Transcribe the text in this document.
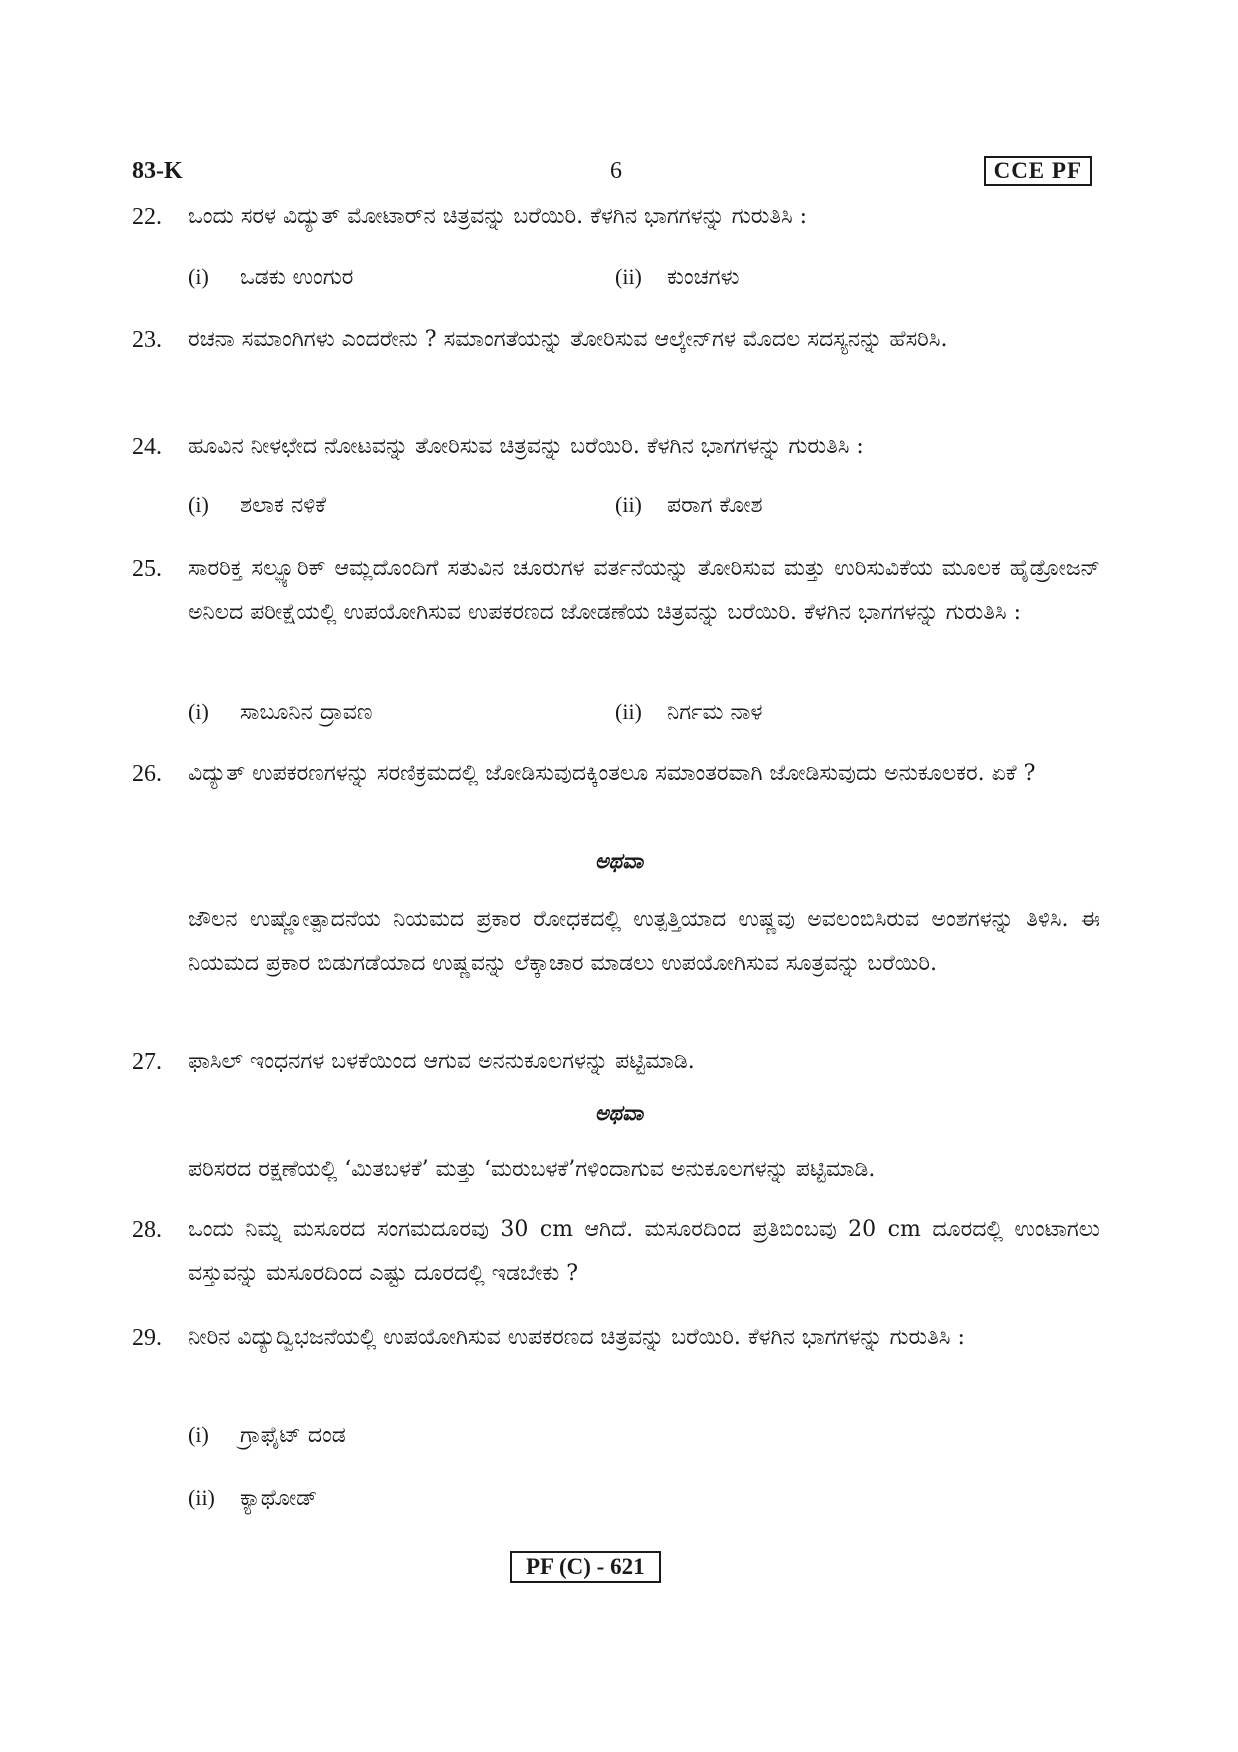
83-K	6	CCE PF
22. ಒಂದು ಸರಳ ವಿದ್ಯುತ್ ಮೋಟಾರ್‌ನ ಚಿತ್ರವನ್ನು ಬರೆಯಿರಿ. ಕೆಳಗಿನ ಭಾಗಗಳನ್ನು ಗುರುತಿಸಿ :
(i) ಒಡಕು ಉಂಗುರ	(ii) ಕುಂಚಗಳು
23. ರಚನಾ ಸಮಾಂಗಿಗಳು ಎಂದರೇನು ? ಸಮಾಂಗತೆಯನ್ನು ತೋರಿಸುವ ಆಲ್ಕೇನ್‌ಗಳ ಮೊದಲ ಸದಸ್ಯನನ್ನು ಹೆಸರಿಸಿ.
24. ಹೂವಿನ ನೀಳಛೇದ ನೋಟವನ್ನು ತೋರಿಸುವ ಚಿತ್ರವನ್ನು ಬರೆಯಿರಿ. ಕೆಳಗಿನ ಭಾಗಗಳನ್ನು ಗುರುತಿಸಿ :
(i) ಶಲಾಕ ನಳಿಕೆ	(ii) ಪರಾಗ ಕೋಶ
25. ಸಾರರಿಕ್ತ ಸಲ್ಫ್ಯೂರಿಕ್ ಆಮ್ಲದೊಂದಿಗೆ ಸತುವಿನ ಚೂರುಗಳ ವರ್ತನೆಯನ್ನು ತೋರಿಸುವ ಮತ್ತು ಉರಿಸುವಿಕೆಯ ಮೂಲಕ ಹೈಡ್ರೋಜನ್ ಅನಿಲದ ಪರೀಕ್ಷೆಯಲ್ಲಿ ಉಪಯೋಗಿಸುವ ಉಪಕರಣದ ಜೋಡಣೆಯ ಚಿತ್ರವನ್ನು ಬರೆಯಿರಿ. ಕೆಳಗಿನ ಭಾಗಗಳನ್ನು ಗುರುತಿಸಿ :
(i) ಸಾಬೂನಿನ ದ್ರಾವಣ	(ii) ನಿರ್ಗಮ ನಾಳ
26. ವಿದ್ಯುತ್ ಉಪಕರಣಗಳನ್ನು ಸರಣಿಕ್ರಮದಲ್ಲಿ ಜೋಡಿಸುವುದಕ್ಕಿಂತಲೂ ಸಮಾಂತರವಾಗಿ ಜೋಡಿಸುವುದು ಅನುಕೂಲಕರ. ಏಕೆ ?
ಅಥವಾ
ಜೌಲನ ಉಷ್ಣೋತ್ಪಾದನೆಯ ನಿಯಮದ ಪ್ರಕಾರ ರೋಧಕದಲ್ಲಿ ಉತ್ಪತ್ತಿಯಾದ ಉಷ್ಣವು ಅವಲಂಬಿಸಿರುವ ಅಂಶಗಳನ್ನು ತಿಳಿಸಿ. ಈ ನಿಯಮದ ಪ್ರಕಾರ ಬಿಡುಗಡೆಯಾದ ಉಷ್ಣವನ್ನು ಲೆಕ್ಕಾಚಾರ ಮಾಡಲು ಉಪಯೋಗಿಸುವ ಸೂತ್ರವನ್ನು ಬರೆಯಿರಿ.
27. ಫಾಸಿಲ್ ಇಂಧನಗಳ ಬಳಕೆಯಿಂದ ಆಗುವ ಅನನುಕೂಲಗಳನ್ನು ಪಟ್ಟಿಮಾಡಿ.
ಅಥವಾ
ಪರಿಸರದ ರಕ್ಷಣೆಯಲ್ಲಿ ‘ಮಿತಬಳಕೆ’ ಮತ್ತು ‘ಮರುಬಳಕೆ’ಗಳಿಂದಾಗುವ ಅನುಕೂಲಗಳನ್ನು ಪಟ್ಟಿಮಾಡಿ.
28. ಒಂದು ನಿಮ್ನ ಮಸೂರದ ಸಂಗಮದೂರವು 30 cm ಆಗಿದೆ. ಮಸೂರದಿಂದ ಪ್ರತಿಬಿಂಬವು 20 cm ದೂರದಲ್ಲಿ ಉಂಟಾಗಲು ವಸ್ತುವನ್ನು ಮಸೂರದಿಂದ ಎಷ್ಟು ದೂರದಲ್ಲಿ ಇಡಬೇಕು ?
29. ನೀರಿನ ವಿದ್ಯುದ್ವಿಭಜನೆಯಲ್ಲಿ ಉಪಯೋಗಿಸುವ ಉಪಕರಣದ ಚಿತ್ರವನ್ನು ಬರೆಯಿರಿ. ಕೆಳಗಿನ ಭಾಗಗಳನ್ನು ಗುರುತಿಸಿ :
(i) ಗ್ರಾಫೈಟ್ ದಂಡ
(ii) ಕ್ಯಾಥೋಡ್
PF (C) - 621
